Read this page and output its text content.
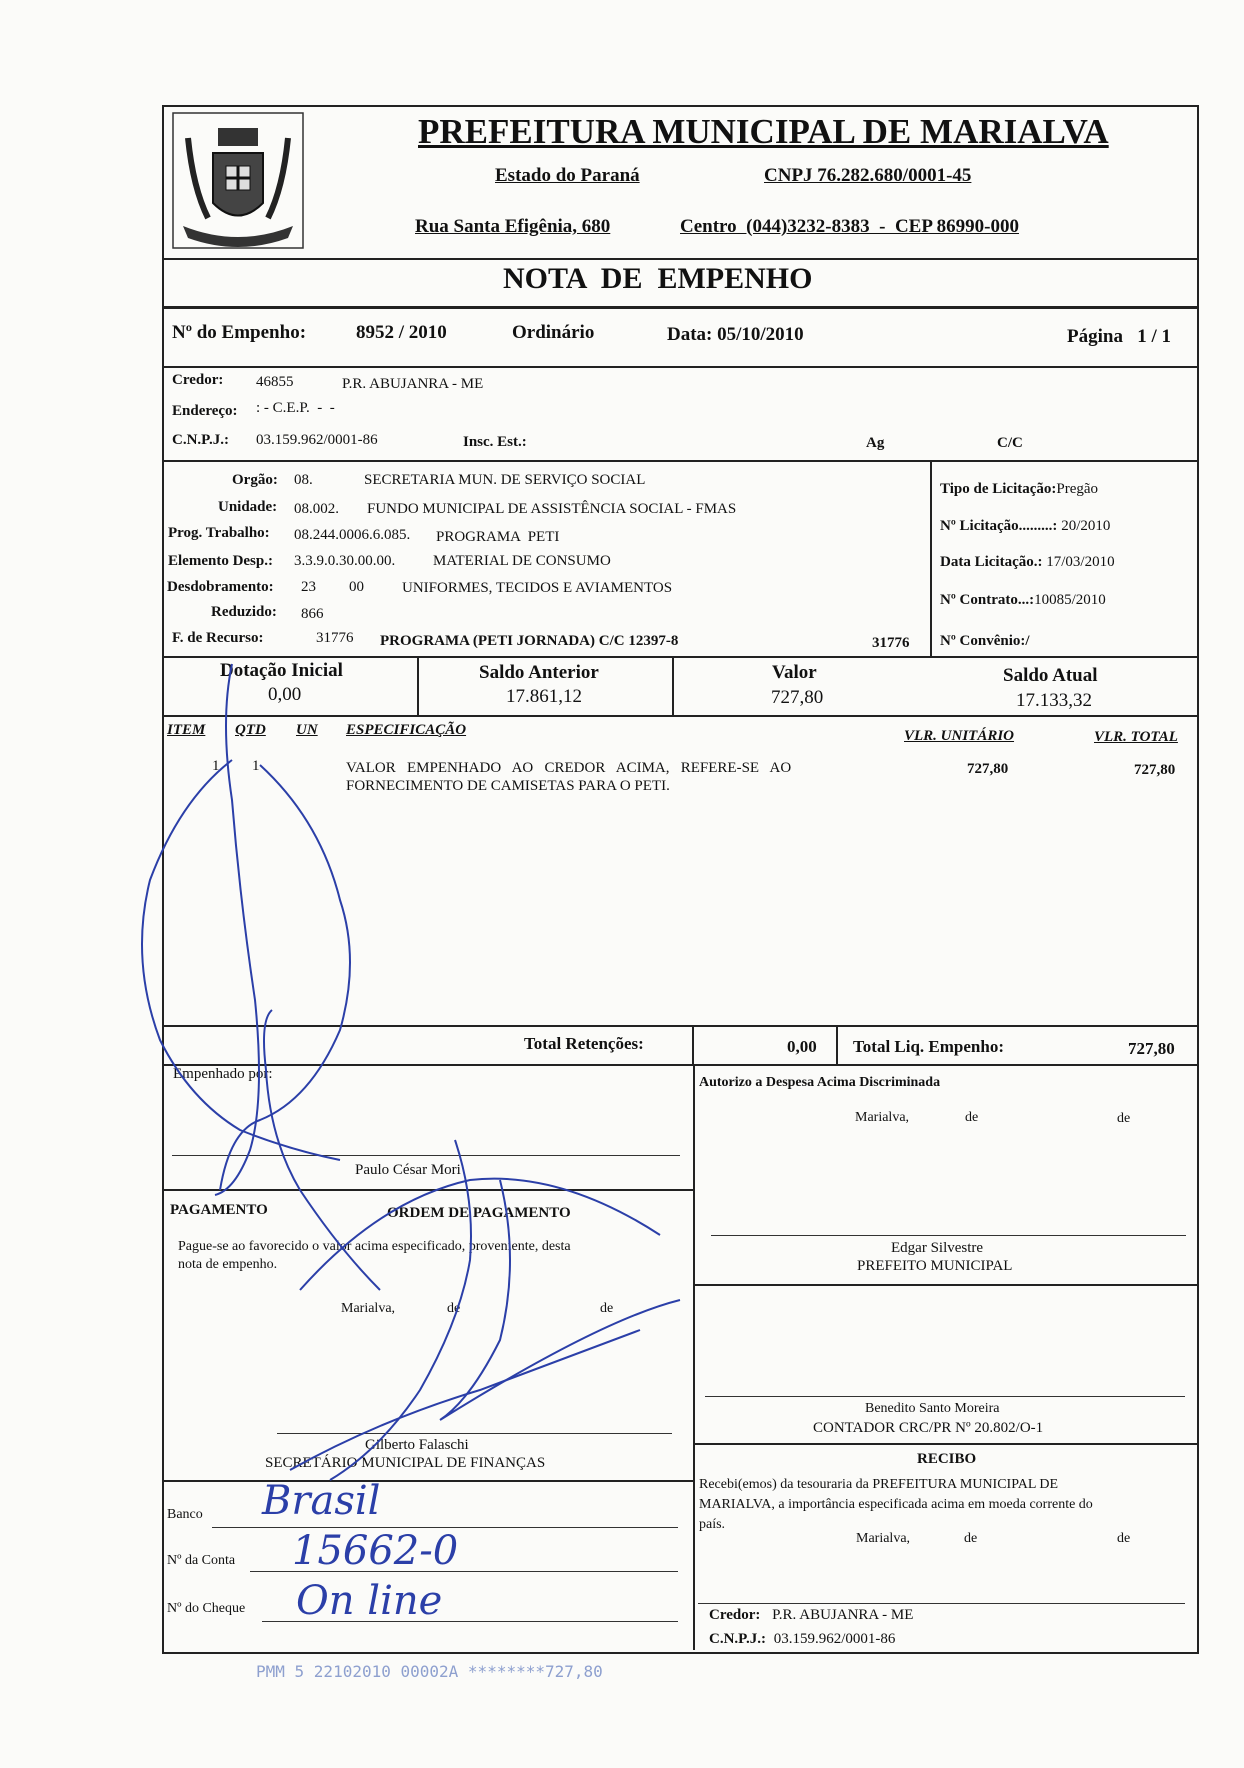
PREFEITURA MUNICIPAL DE MARIALVA
Estado do Paraná	CNPJ 76.282.680/0001-45
Rua Santa Efigênia, 680	Centro  (044)3232-8383  -  CEP 86990-000
NOTA  DE  EMPENHO
Nº do Empenho:	8952 / 2010	Ordinário	Data: 05/10/2010	Página   1 / 1
Credor: 46855	P.R. ABUJANRA - ME
Endereço: : - C.E.P.  -  -
C.N.P.J.: 03.159.962/0001-86	Insc. Est.:	Ag	C/C
Orgão: 08.	SECRETARIA MUN. DE SERVIÇO SOCIAL
Unidade: 08.002. FUNDO MUNICIPAL DE ASSISTÊNCIA SOCIAL - FMAS
Prog. Trabalho: 08.244.0006.6.085. PROGRAMA  PETI
Elemento Desp.: 3.3.9.0.30.00.00.	MATERIAL DE CONSUMO
Desdobramento: 23 00	UNIFORMES, TECIDOS E AVIAMENTOS
Reduzido: 866
F. de Recurso:	31776 PROGRAMA (PETI JORNADA) C/C 12397-8	31776
Tipo de Licitação:Pregão
Nº Licitação.........: 20/2010
Data Licitação.: 17/03/2010
Nº Contrato...:10085/2010
Nº Convênio:/
Dotação Inicial
0,00
Saldo Anterior
17.861,12
Valor
727,80
Saldo Atual
17.133,32
ITEM QTD UN ESPECIFICAÇÃO	VLR. UNITÁRIO	VLR. TOTAL
1 1	VALOR   EMPENHADO   AO   CREDOR   ACIMA,   REFERE-SE   AO
FORNECIMENTO DE CAMISETAS PARA O PETI.
727,80	727,80
Total Retenções:	0,00 Total Liq. Empenho:	727,80
Empenhado por:
Paulo César Mori
PAGAMENTO	ORDEM DE PAGAMENTO
Pague-se ao favorecido o valor acima especificado, proveniente, desta
nota de empenho.
Marialva,	de	de
Gilberto Falaschi
SECRETÁRIO MUNICIPAL DE FINANÇAS
Banco Brasil
Nº da Conta 15662-0
Nº do Cheque On line
Autorizo a Despesa Acima Discriminada
Marialva,	de	de
Edgar Silvestre
PREFEITO MUNICIPAL
Benedito Santo Moreira
CONTADOR CRC/PR Nº 20.802/O-1
RECIBO
Recebi(emos) da tesouraria da PREFEITURA MUNICIPAL DE
MARIALVA, a importância especificada acima em moeda corrente do
país.
Marialva,	de	de
Credor: P.R. ABUJANRA - ME
C.N.P.J.: 03.159.962/0001-86
PMM 5 22102010 00002A ********727,80
